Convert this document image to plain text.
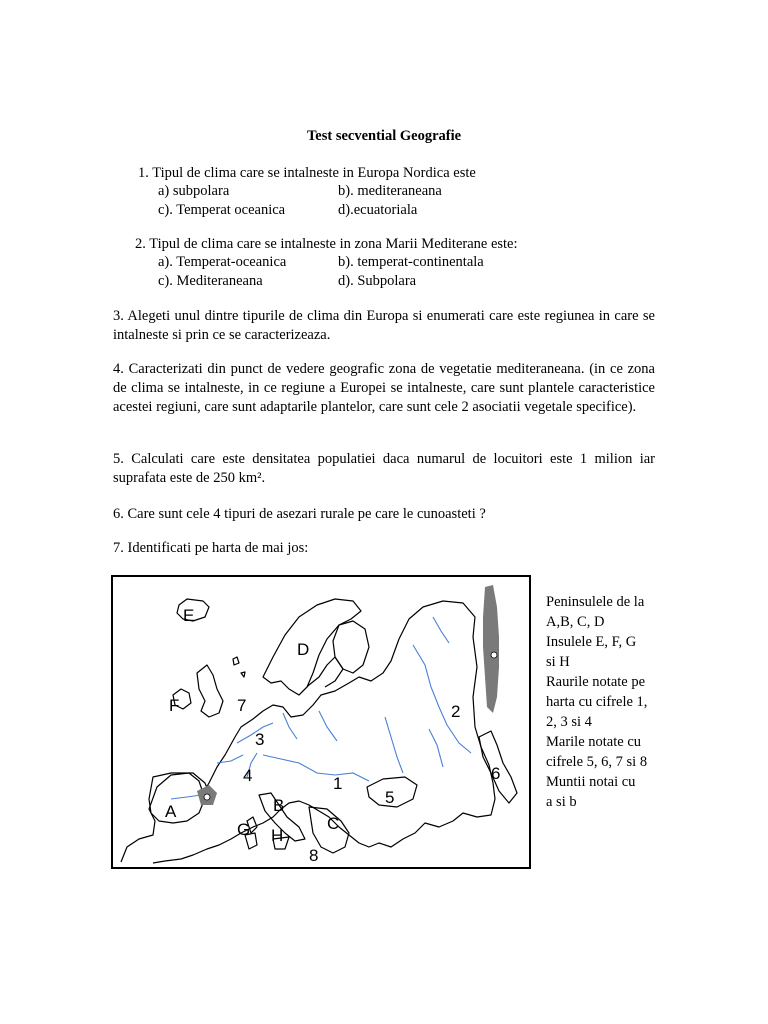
Test secvential Geografie
1. Tipul de clima care se intalneste in Europa Nordica este
a) subpolara	b). mediteraneana
c). Temperat oceanica	d).ecuatoriala
2. Tipul de clima care se intalneste in zona Marii Mediterane este:
a). Temperat-oceanica	b). temperat-continentala
c). Mediteraneana	d). Subpolara
3. Alegeti unul dintre tipurile de clima din Europa si enumerati care este regiunea in care se intalneste si prin ce se caracterizeaza.
4. Caracterizati din punct de vedere geografic zona de vegetatie mediteraneana. (in ce zona de clima se intalneste, in ce regiune a Europei se intalneste, care sunt plantele caracteristice acestei regiuni, care sunt adaptarile plantelor, care sunt cele 2 asociatii vegetale specifice).
5. Calculati care este densitatea populatiei daca numarul de locuitori este 1 milion iar suprafata este de 250 km².
6. Care sunt cele 4 tipuri de asezari rurale pe care le cunoasteti ?
7. Identificati pe harta de mai jos:
E
D
F	7	2
3
4	1
6
5
A	B
C
G H
8
Peninsulele de la
A,B, C, D
Insulele E, F, G
si H
Raurile notate pe
harta cu cifrele 1,
2, 3 si 4
Marile notate cu
cifrele 5, 6, 7 si 8
Muntii notai cu
a si b
